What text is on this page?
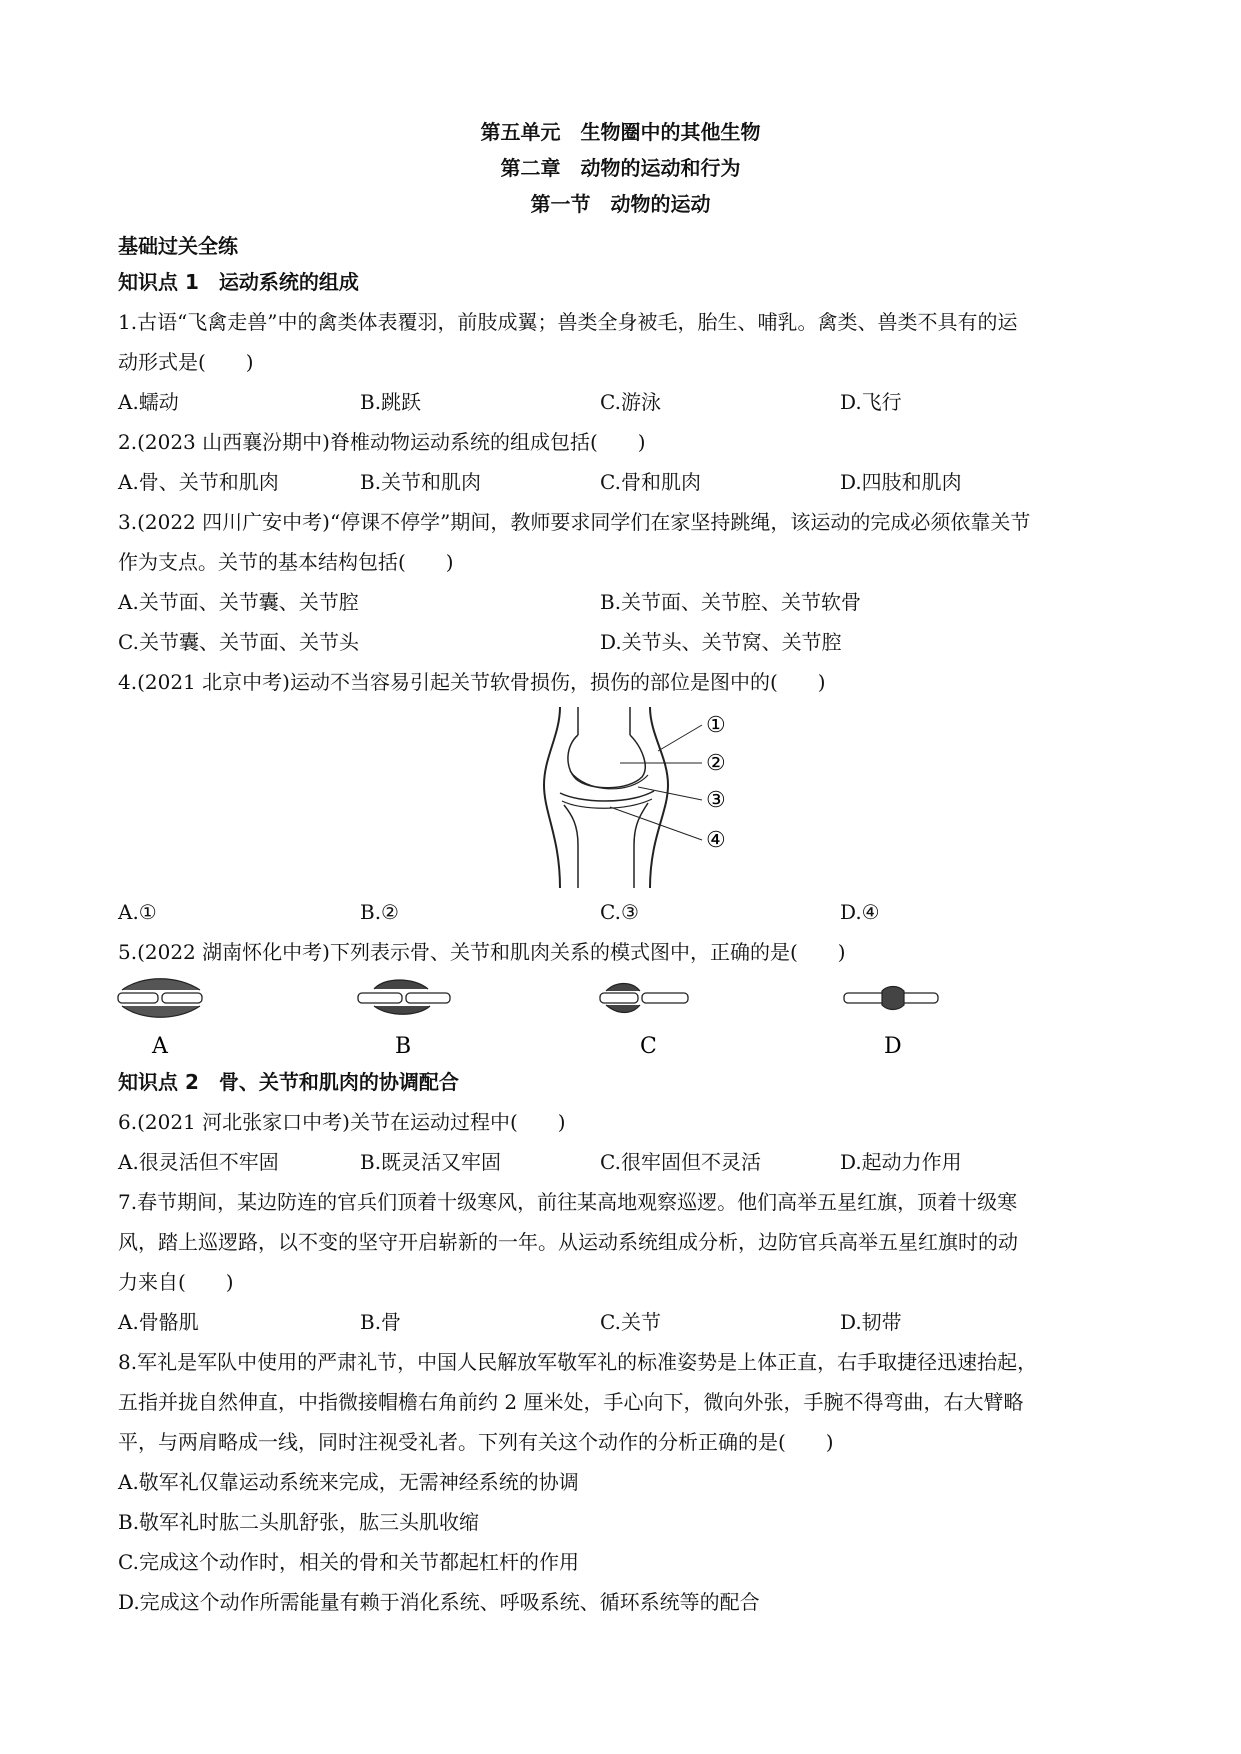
第五单元　生物圈中的其他生物
第二章　动物的运动和行为
第一节　动物的运动
基础过关全练
知识点 1　运动系统的组成
1.古语“飞禽走兽”中的禽类体表覆羽，前肢成翼；兽类全身被毛，胎生、哺乳。禽类、兽类不具有的运
动形式是(　　)
A.蠕动	B.跳跃	C.游泳	D.飞行
2.(2023 山西襄汾期中)脊椎动物运动系统的组成包括(　　)
A.骨、关节和肌肉	B.关节和肌肉	C.骨和肌肉	D.四肢和肌肉
3.(2022 四川广安中考)“停课不停学”期间，教师要求同学们在家坚持跳绳，该运动的完成必须依靠关节
作为支点。关节的基本结构包括(　　)
A.关节面、关节囊、关节腔	B.关节面、关节腔、关节软骨
C.关节囊、关节面、关节头	D.关节头、关节窝、关节腔
4.(2021 北京中考)运动不当容易引起关节软骨损伤，损伤的部位是图中的(　　)
①
②
③
④
A.①	B.②	C.③	D.④
5.(2022 湖南怀化中考)下列表示骨、关节和肌肉关系的模式图中，正确的是(　　)
A	B	C	D
知识点 2　骨、关节和肌肉的协调配合
6.(2021 河北张家口中考)关节在运动过程中(　　)
A.很灵活但不牢固	B.既灵活又牢固	C.很牢固但不灵活	D.起动力作用
7.春节期间，某边防连的官兵们顶着十级寒风，前往某高地观察巡逻。他们高举五星红旗，顶着十级寒
风，踏上巡逻路，以不变的坚守开启崭新的一年。从运动系统组成分析，边防官兵高举五星红旗时的动
力来自(　　)
A.骨骼肌	B.骨	C.关节	D.韧带
8.军礼是军队中使用的严肃礼节，中国人民解放军敬军礼的标准姿势是上体正直，右手取捷径迅速抬起，
五指并拢自然伸直，中指微接帽檐右角前约 2 厘米处，手心向下，微向外张，手腕不得弯曲，右大臂略
平，与两肩略成一线，同时注视受礼者。下列有关这个动作的分析正确的是(　　)
A.敬军礼仅靠运动系统来完成，无需神经系统的协调
B.敬军礼时肱二头肌舒张，肱三头肌收缩
C.完成这个动作时，相关的骨和关节都起杠杆的作用
D.完成这个动作所需能量有赖于消化系统、呼吸系统、循环系统等的配合
